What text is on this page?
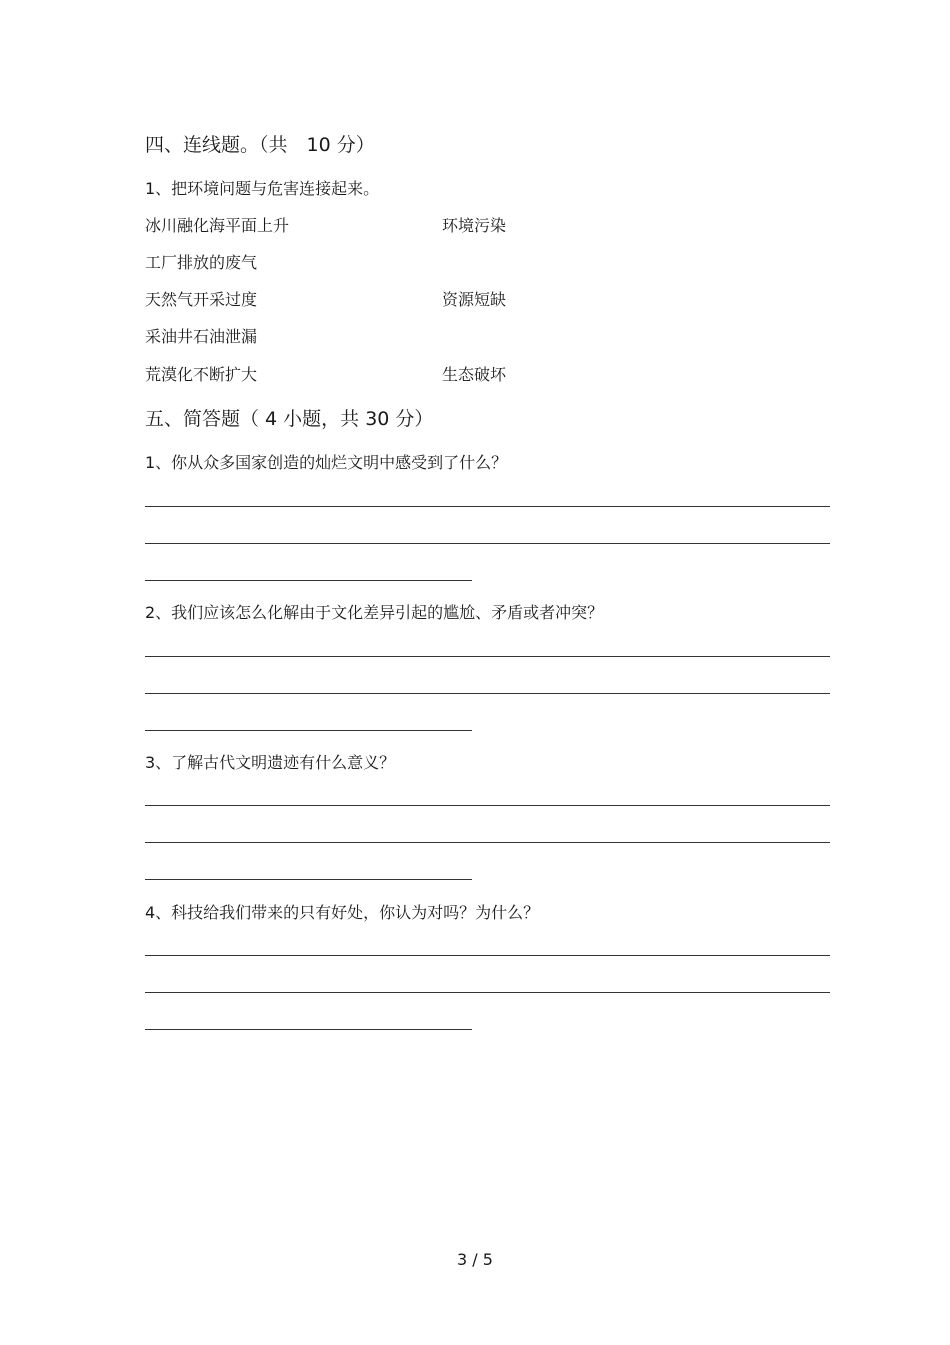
四、连线题。（共　10 分）
1、把环境问题与危害连接起来。
冰川融化海平面上升
工厂排放的废气
天然气开采过度
采油井石油泄漏
荒漠化不断扩大
环境污染
资源短缺
生态破坏
五、简答题（ 4 小题，共 30 分）
1、你从众多国家创造的灿烂文明中感受到了什么？
2、我们应该怎么化解由于文化差异引起的尴尬、矛盾或者冲突？
3、了解古代文明遗迹有什么意义？
4、科技给我们带来的只有好处，你认为对吗？为什么？
3 / 5
